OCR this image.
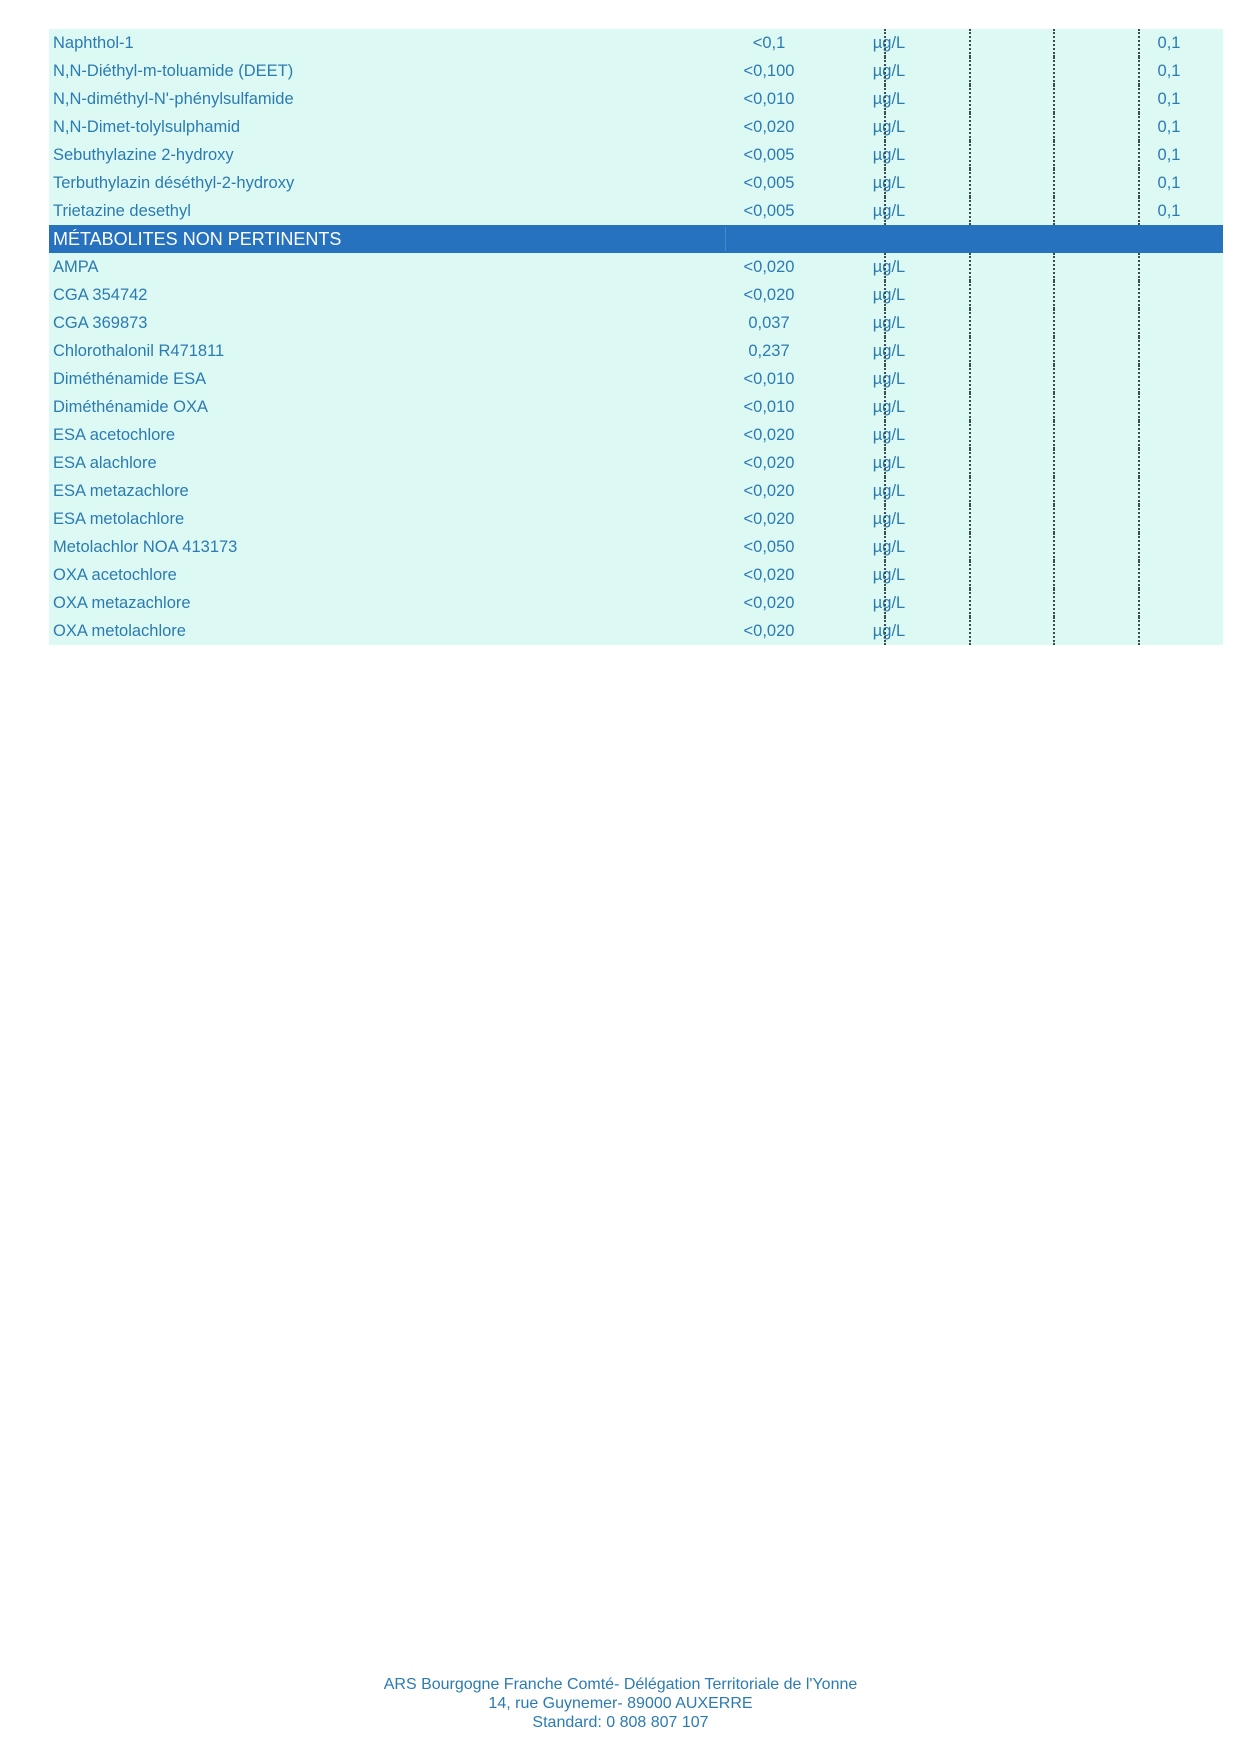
Naphthol-1	<0,1	µg/L	0,1
N,N-Diéthyl-m-toluamide (DEET)	<0,100	µg/L	0,1
N,N-diméthyl-N'-phénylsulfamide	<0,010	µg/L	0,1
N,N-Dimet-tolylsulphamid	<0,020	µg/L	0,1
Sebuthylazine 2-hydroxy	<0,005	µg/L	0,1
Terbuthylazin déséthyl-2-hydroxy	<0,005	µg/L	0,1
Trietazine desethyl	<0,005	µg/L	0,1
MÉTABOLITES NON PERTINENTS
AMPA	<0,020	µg/L
CGA 354742	<0,020	µg/L
CGA 369873	0,037	µg/L
Chlorothalonil R471811	0,237	µg/L
Diméthénamide ESA	<0,010	µg/L
Diméthénamide OXA	<0,010	µg/L
ESA acetochlore	<0,020	µg/L
ESA alachlore	<0,020	µg/L
ESA metazachlore	<0,020	µg/L
ESA metolachlore	<0,020	µg/L
Metolachlor NOA 413173	<0,050	µg/L
OXA acetochlore	<0,020	µg/L
OXA metazachlore	<0,020	µg/L
OXA metolachlore	<0,020	µg/L
ARS Bourgogne Franche Comté- Délégation Territoriale de l'Yonne
14, rue Guynemer- 89000 AUXERRE
Standard: 0 808 807 107
